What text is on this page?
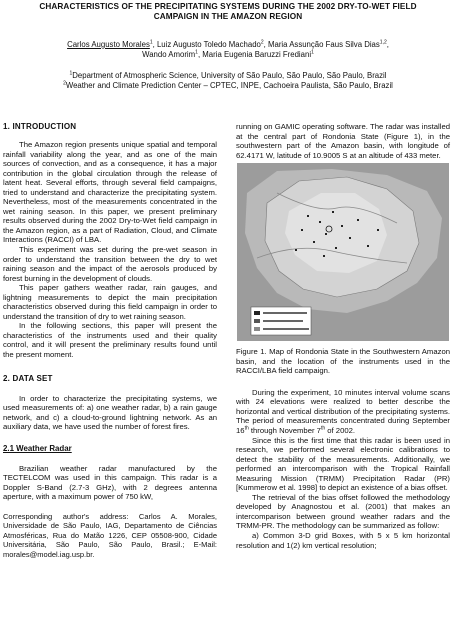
CHARACTERISTICS OF THE PRECIPITATING SYSTEMS DURING THE 2002 DRY-TO-WET FIELD
CAMPAIGN IN THE AMAZON REGION
Carlos Augusto Morales$^1$, Luiz Augusto Toledo Machado$^2$, Maria Assunção Faus Silva Dias$^{1,2}$,
Wando Amorim$^1$, Maria Eugenia Baruzzi Frediani$^1$
$^1$Department of Atmospheric Science, University of São Paulo, São Paulo, São Paulo, Brazil
$^2$Weather and Climate Prediction Center – CPTEC, INPE, Cachoeira Paulista, São Paulo, Brazil
1. INTRODUCTION

The Amazon region presents unique spatial and temporal rainfall variability along the year, and as one of the main sources of convection, and as a consequence, it has a major contribution in the global circulation through the release of latent heat. Several efforts, through several field campaigns, tried to understand and characterize the precipitating system. Nevertheless, most of the measurements concentrated in the wet raining season. In this paper, we present preliminary results observed during the 2002 Dry-to-Wet field campaign in the Amazon region, as a part of Radiation, Cloud, and Climate Interactions (RACCI) of LBA.

This experiment was set during the pre-wet season in order to understand the transition between the dry to wet raining season and the impact of the aerosols produced by forest burning in the development of clouds.

This paper gathers weather radar, rain gauges, and lightning measurements to depict the main precipitation characteristics observed during this field campaign in order to understand the transition of dry to wet raining season.

In the following sections, this paper will present the characteristics of the instruments used and their quality control, and it will present the preliminary results found until the present moment.

2. DATA SET

In order to characterize the precipitating systems, we used measurements of: a) one weather radar, b) a rain gauge network, and c) a cloud-to-ground lightning network. As an auxiliary data, we have used the number of forest fires.

2.1 Weather Radar

Brazilian weather radar manufactured by the TECTELCOM was used in this campaign. This radar is a Doppler S-Band (2.7-3 GHz), with 2 degrees antenna aperture, with a maximum power of 750 kW,

Corresponding author's address: Carlos A. Morales, Universidade de São Paulo, IAG, Departamento de Ciências Atmosféricas, Rua do Matão 1226, CEP 05508-900, Cidade Universitária, São Paulo, São Paulo, Brasil.; E-Mail: morales@model.iag.usp.br.

running on GAMIC operating software. The radar was installed at the central part of Rondonia State (Figure 1), in the southwestern part of the Amazon basin, with longitude of 62.4171 W, latitude of 10.9005 S at an altitude of 433 meter.

Figure 1. Map of Rondonia State in the Southwestern Amazon basin, and the location of the instruments used in the RACCI/LBA field campaign.

During the experiment, 10 minutes interval volume scans with 24 elevations were realized to better describe the horizontal and vertical distribution of the precipitating systems. The period of measurements concentrated during September 16th through November 7th of 2002.

Since this is the first time that this radar is been used in research, we performed several electronic calibrations to detect the stability of the measurements. Additionally, we performed an intercomparison with the Tropical Rainfall Measuring Mission (TRMM) Precipitation Radar (PR) [Kummerow et al. 1998] to depict an existence of a bias offset.

The retrieval of the bias offset followed the methodology developed by Anagnostou et al. (2001) that makes an intercomparison between ground weather radars and the TRMM-PR. The methodology can be summarized as follow:

a) Common 3-D grid Boxes, with 5 x 5 km horizontal resolution and 1(2) km vertical resolution;
